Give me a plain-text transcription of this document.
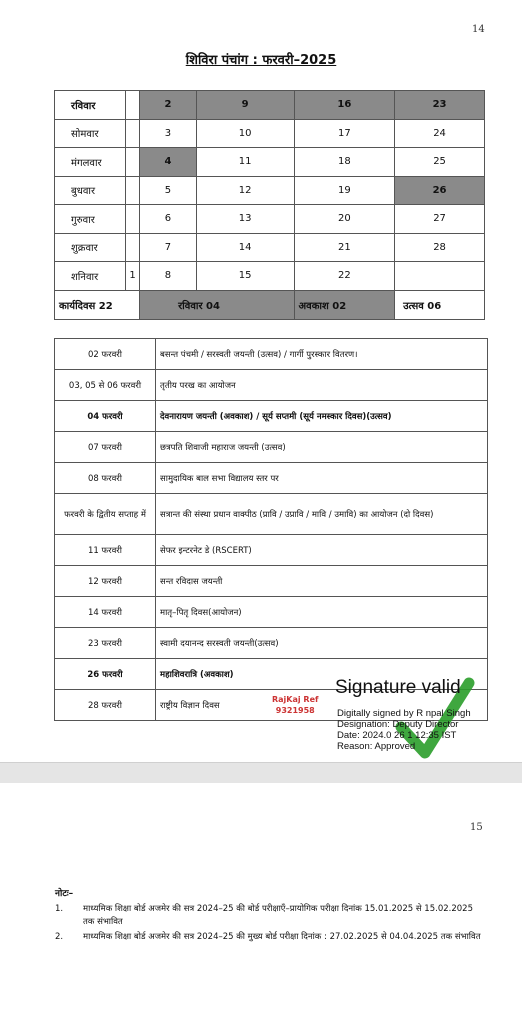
14
शिविरा पंचांग : फरवरी–2025
रविवार		2	9	16	23
सोमवार		3	10	17	24
मंगलवार		4	11	18	25
बुधवार		5	12	19	26
गुरुवार		6	13	20	27
शुक्रवार		7	14	21	28
शनिवार	1	8	15	22	
कार्यदिवस 22		रविवार 04		अवकाश 02	उत्सव 06
02 फरवरी	बसन्त पंचमी / सरस्वती जयन्ती (उत्सव) / गार्गी पुरस्कार वितरण।
03, 05 से 06 फरवरी	तृतीय परख का आयोजन
04 फरवरी	देवनारायण जयन्ती (अवकाश) / सूर्य सप्तमी (सूर्य नमस्कार दिवस)(उत्सव)
07 फरवरी	छत्रपति शिवाजी महाराज जयन्ती (उत्सव)
08 फरवरी	सामुदायिक बाल सभा विद्यालय स्तर पर
फरवरी के द्वितीय सप्ताह में	सत्रान्त की संस्था प्रधान वाक्पीठ (प्रावि / उप्रावि / मावि / उमावि) का आयोजन (दो दिवस)
11 फरवरी	सेफर इन्टरनेट डे (RSCERT)
12 फरवरी	सन्त रविदास जयन्ती
14 फरवरी	मातृ–पितृ दिवस(आयोजन)
23 फरवरी	स्वामी दयानन्द सरस्वती जयन्ती(उत्सव)
26 फरवरी	महाशिवरात्रि (अवकाश)
28 फरवरी	राष्ट्रीय विज्ञान दिवस
RajKaj Ref
9321958
Signature valid
Digitally signed by R npal Singh
Designation: Deputy Director
Date: 2024.0 26 1 12:35 IST
Reason: Approved
15
नोटः–
1. माध्यमिक शिक्षा बोर्ड अजमेर की सत्र 2024–25 की बोर्ड परीक्षाएँ–प्रायोगिक परीक्षा दिनांक 15.01.2025 से 15.02.2025 तक संभावित
2. माध्यमिक शिक्षा बोर्ड अजमेर की सत्र 2024–25 की मुख्य बोर्ड परीक्षा दिनांक : 27.02.2025 से 04.04.2025 तक संभावित
